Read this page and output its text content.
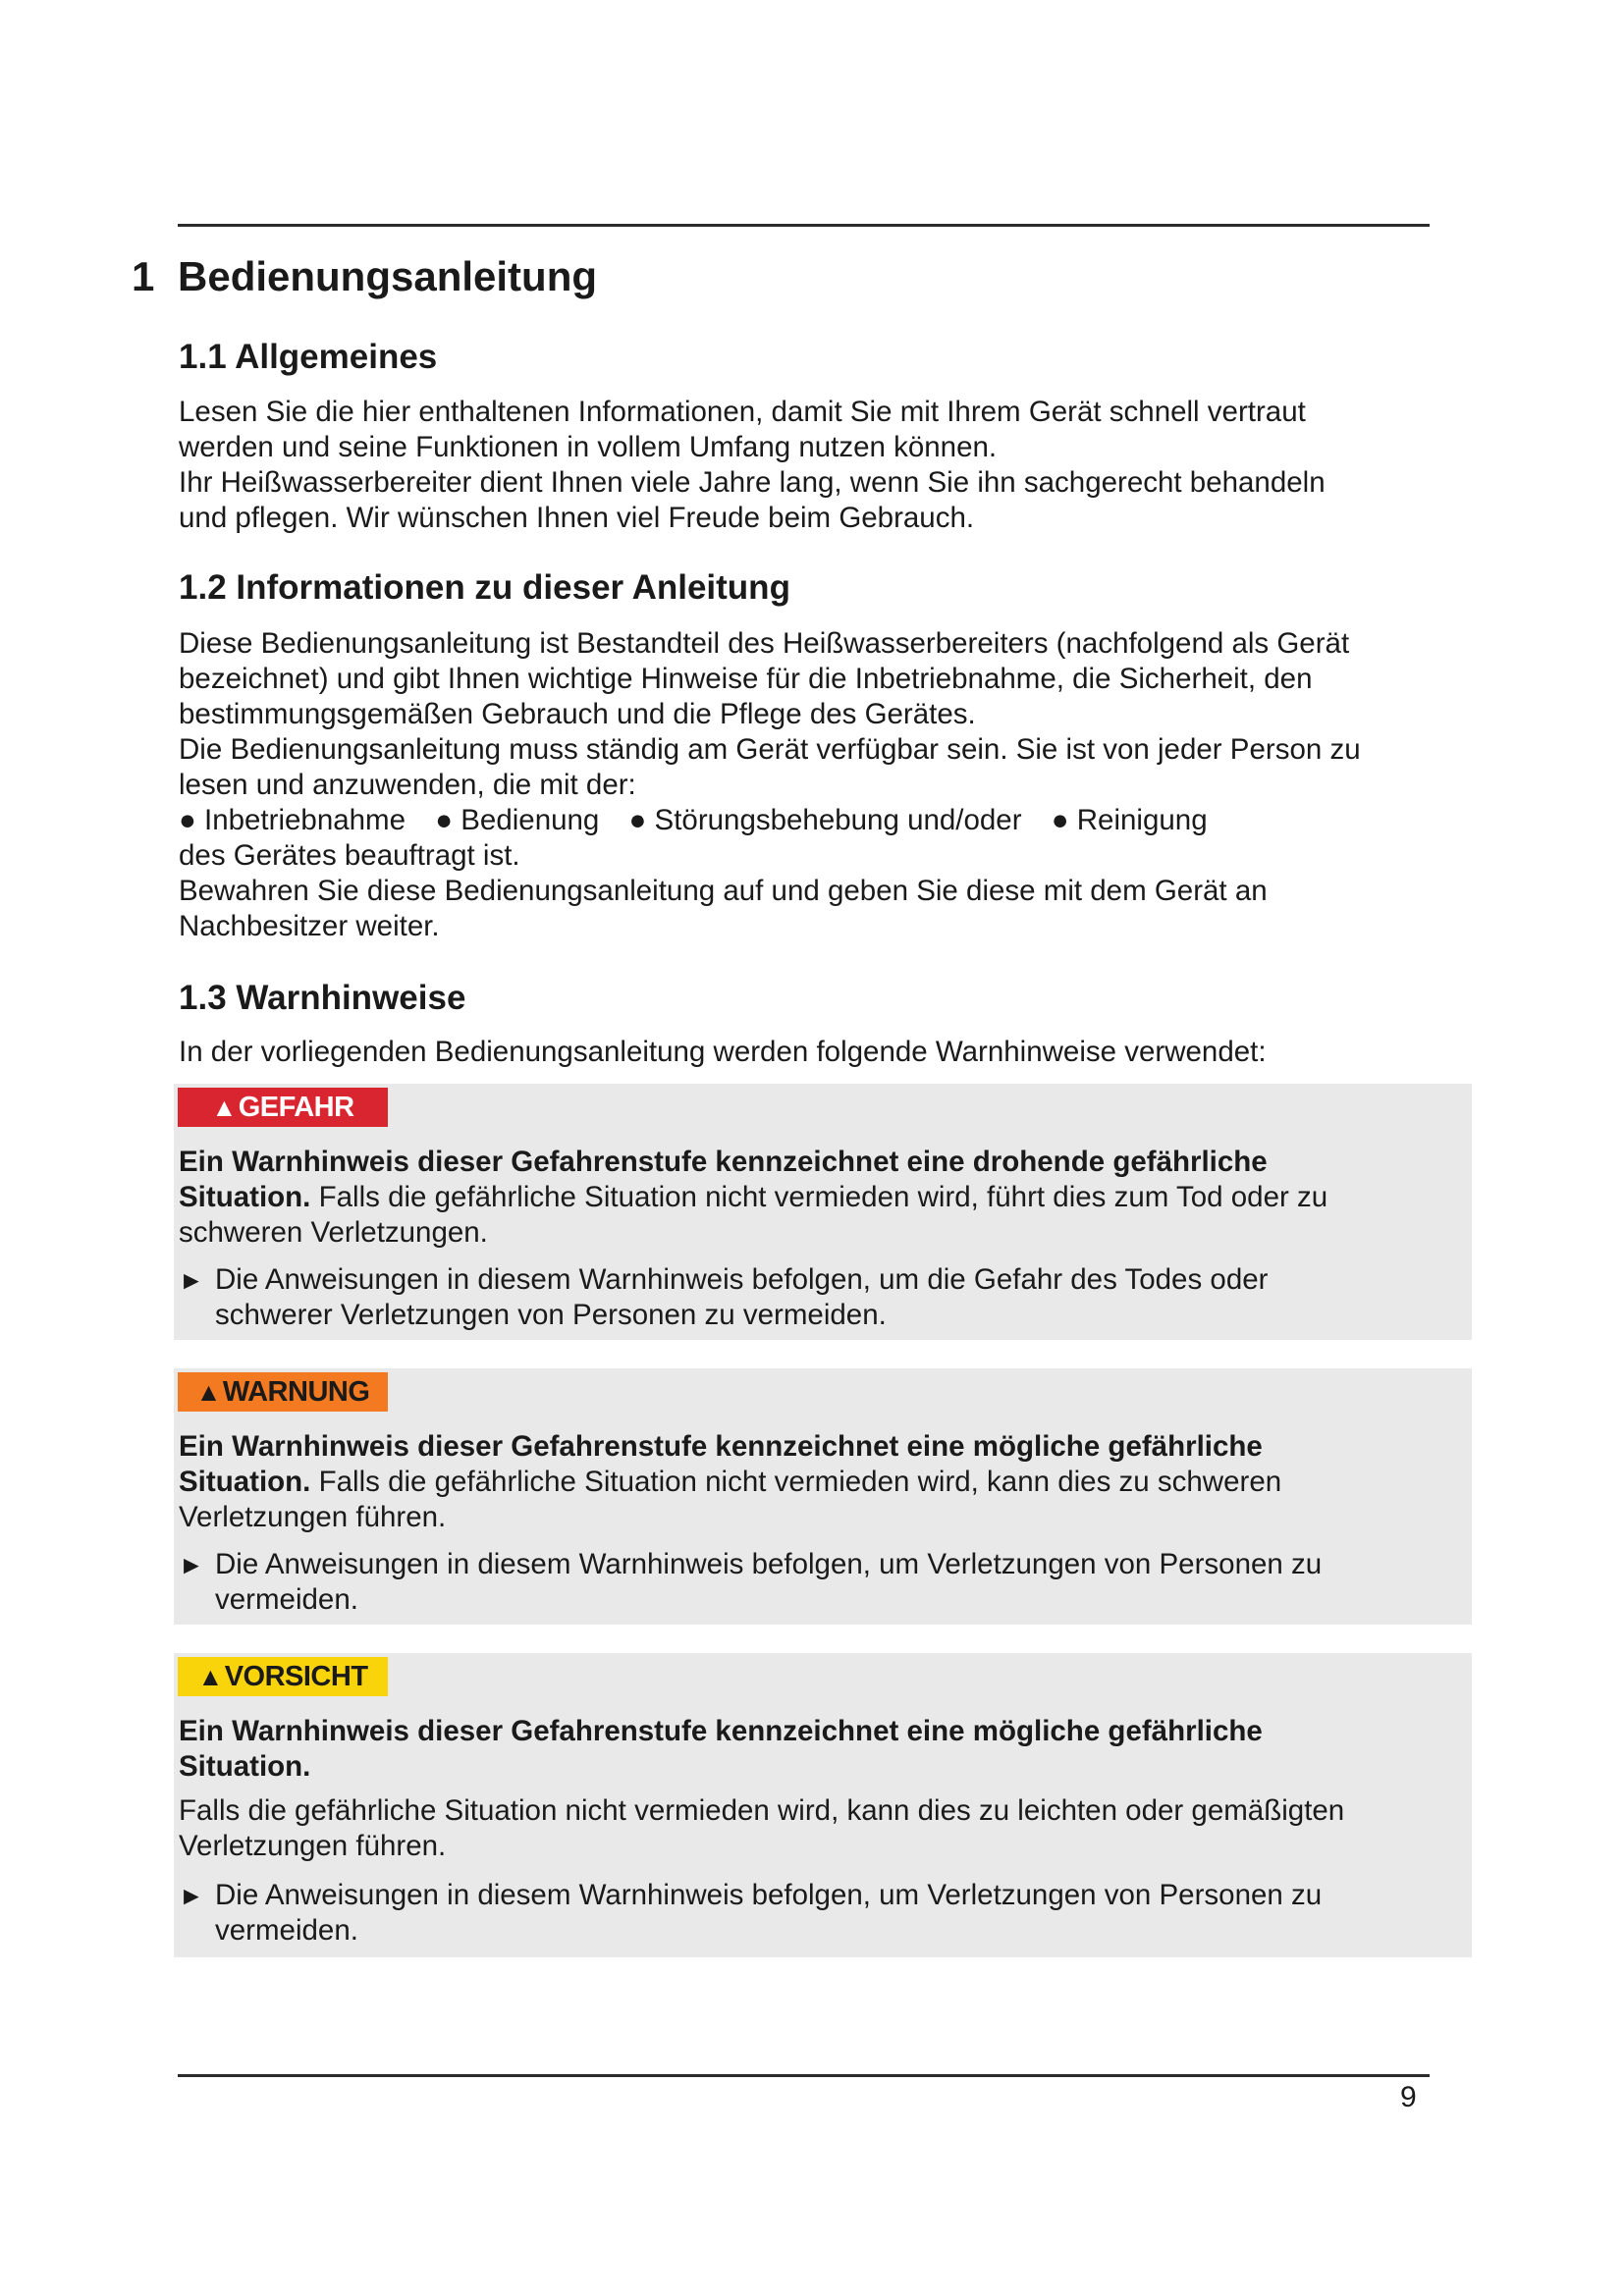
1 Bedienungsanleitung
1.1 Allgemeines
Lesen Sie die hier enthaltenen Informationen, damit Sie mit Ihrem Gerät schnell vertraut
werden und seine Funktionen in vollem Umfang nutzen können.
Ihr Heißwasserbereiter dient Ihnen viele Jahre lang, wenn Sie ihn sachgerecht behandeln
und pflegen. Wir wünschen Ihnen viel Freude beim Gebrauch.
1.2 Informationen zu dieser Anleitung
Diese Bedienungsanleitung ist Bestandteil des Heißwasserbereiters (nachfolgend als Gerät
bezeichnet) und gibt Ihnen wichtige Hinweise für die Inbetriebnahme, die Sicherheit, den
bestimmungsgemäßen Gebrauch und die Pflege des Gerätes.
Die Bedienungsanleitung muss ständig am Gerät verfügbar sein. Sie ist von jeder Person zu
lesen und anzuwenden, die mit der:
● Inbetriebnahme ● Bedienung ● Störungsbehebung und/oder ● Reinigung
des Gerätes beauftragt ist.
Bewahren Sie diese Bedienungsanleitung auf und geben Sie diese mit dem Gerät an
Nachbesitzer weiter.
1.3 Warnhinweise
In der vorliegenden Bedienungsanleitung werden folgende Warnhinweise verwendet:
▲GEFAHR
Ein Warnhinweis dieser Gefahrenstufe kennzeichnet eine drohende gefährliche
Situation. Falls die gefährliche Situation nicht vermieden wird, führt dies zum Tod oder zu
schweren Verletzungen.
► Die Anweisungen in diesem Warnhinweis befolgen, um die Gefahr des Todes oder
schwerer Verletzungen von Personen zu vermeiden.
▲WARNUNG
Ein Warnhinweis dieser Gefahrenstufe kennzeichnet eine mögliche gefährliche
Situation. Falls die gefährliche Situation nicht vermieden wird, kann dies zu schweren
Verletzungen führen.
► Die Anweisungen in diesem Warnhinweis befolgen, um Verletzungen von Personen zu
vermeiden.
▲VORSICHT
Ein Warnhinweis dieser Gefahrenstufe kennzeichnet eine mögliche gefährliche
Situation.
Falls die gefährliche Situation nicht vermieden wird, kann dies zu leichten oder gemäßigten
Verletzungen führen.
► Die Anweisungen in diesem Warnhinweis befolgen, um Verletzungen von Personen zu
vermeiden.
9
